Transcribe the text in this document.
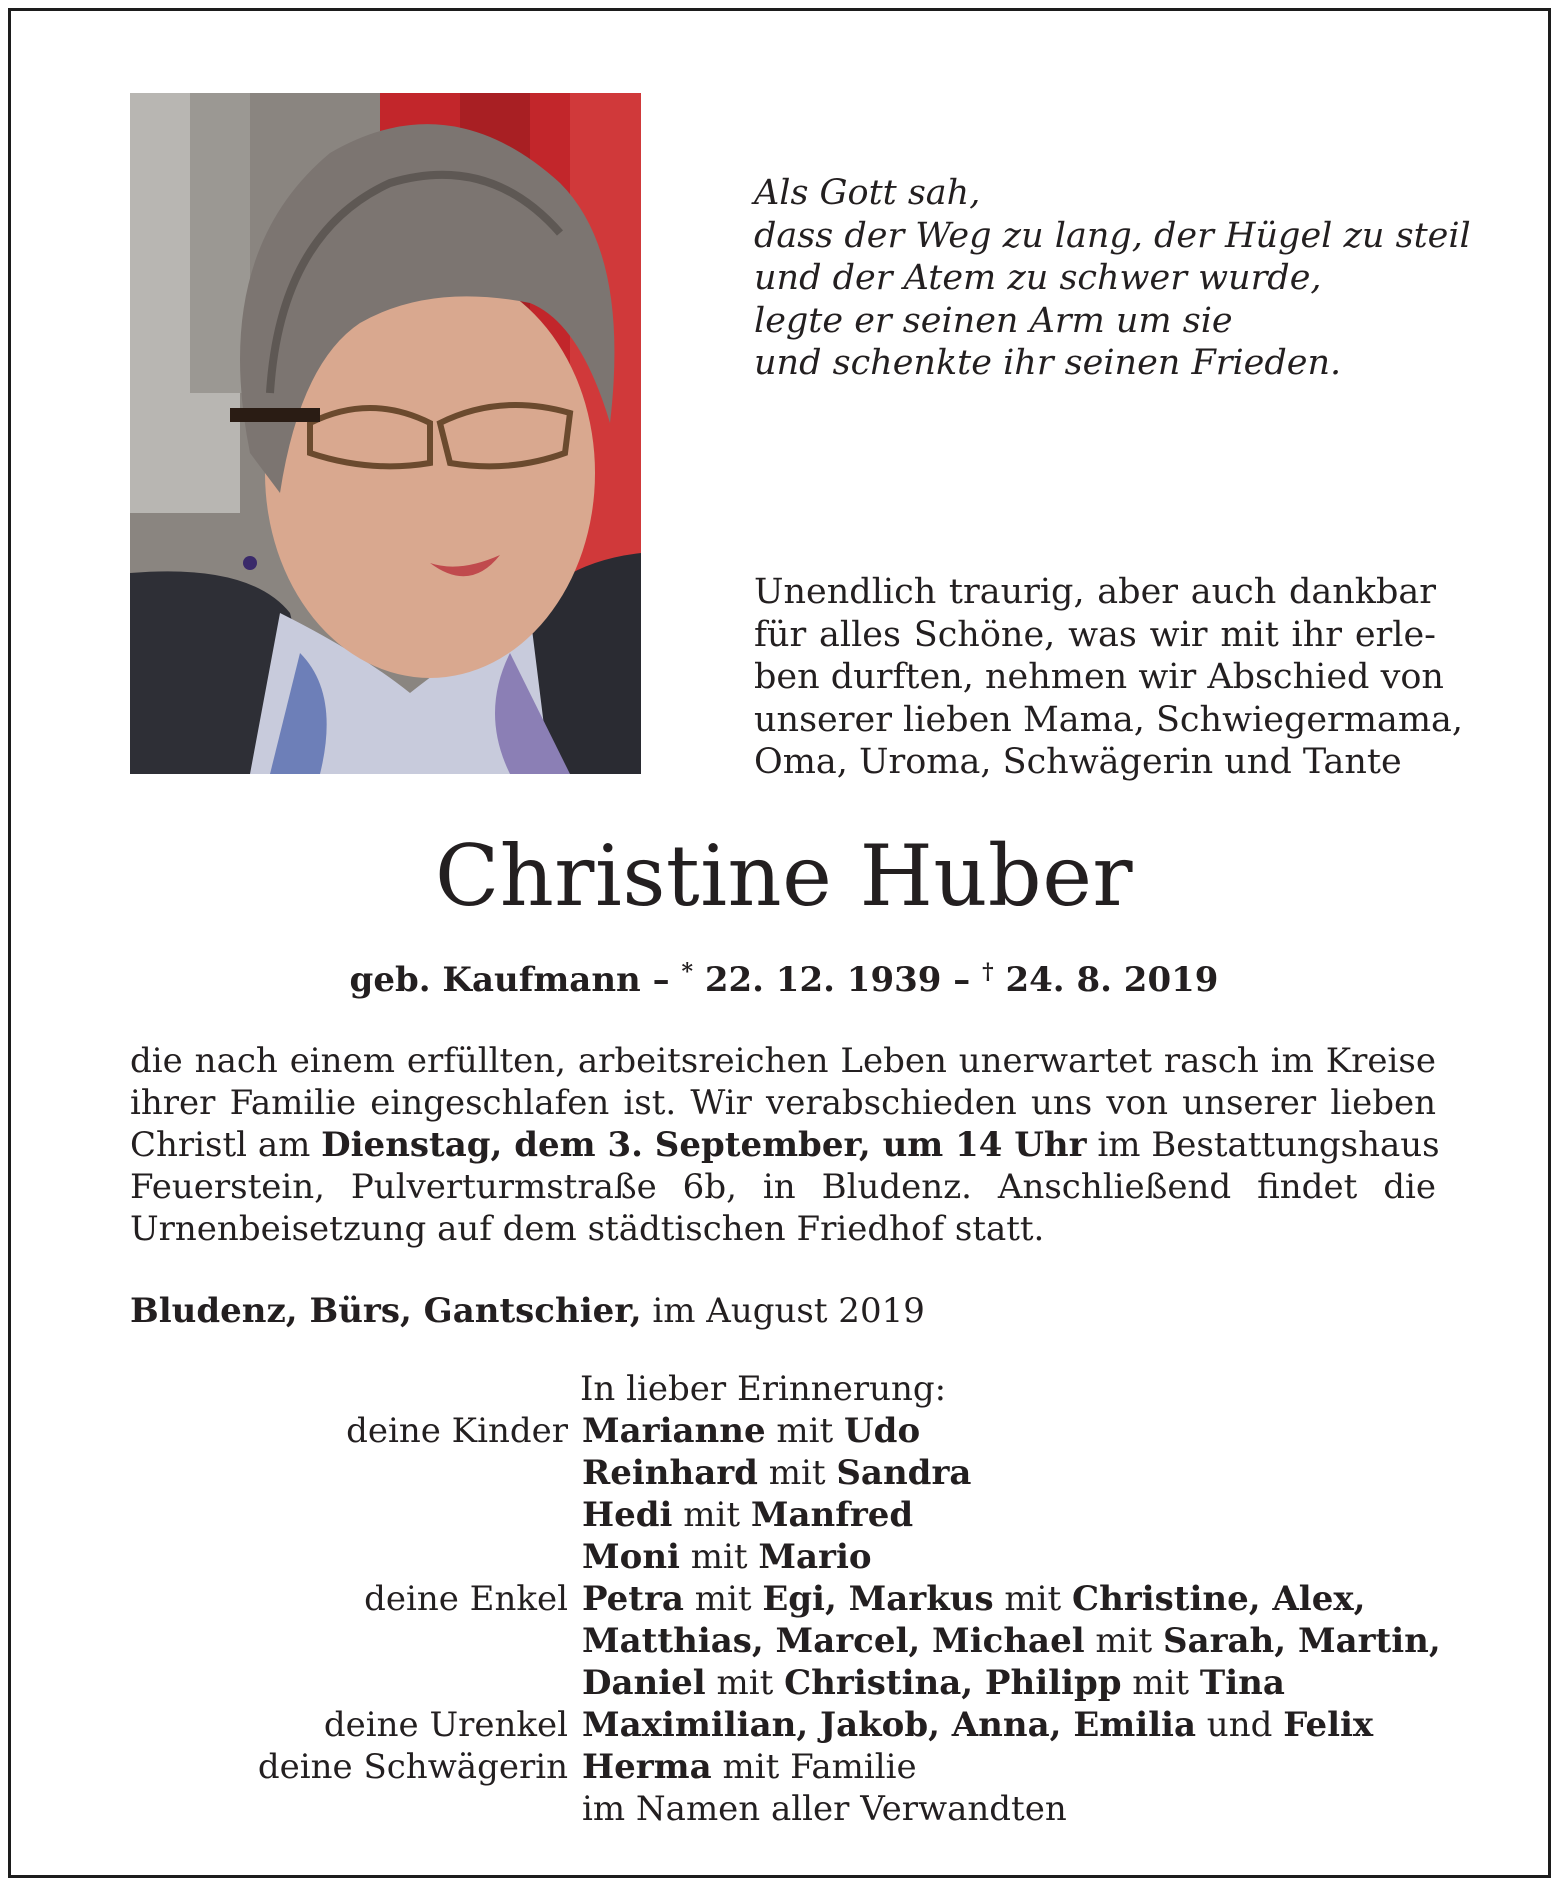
Als Gott sah,
dass der Weg zu lang, der Hügel zu steil
und der Atem zu schwer wurde,
legte er seinen Arm um sie
und schenkte ihr seinen Frieden.
Unendlich traurig, aber auch dankbar
für alles Schöne, was wir mit ihr erle-
ben durften, nehmen wir Abschied von
unserer lieben Mama, Schwiegermama,
Oma, Uroma, Schwägerin und Tante
Christine Huber
geb. Kaufmann – * 22. 12. 1939 – † 24. 8. 2019
die nach einem erfüllten, arbeitsreichen Leben unerwartet rasch im Kreise
ihrer Familie eingeschlafen ist. Wir verabschieden uns von unserer lieben
Christl am Dienstag, dem 3. September, um 14 Uhr im Bestattungshaus
Feuerstein, Pulverturmstraße 6b, in Bludenz. Anschließend findet die
Urnenbeisetzung auf dem städtischen Friedhof statt.
Bludenz, Bürs, Gantschier, im August 2019
In lieber Erinnerung:
deine Kinder Marianne mit Udo
Reinhard mit Sandra
Hedi mit Manfred
Moni mit Mario
deine Enkel Petra mit Egi, Markus mit Christine, Alex,
Matthias, Marcel, Michael mit Sarah, Martin,
Daniel mit Christina, Philipp mit Tina
deine Urenkel Maximilian, Jakob, Anna, Emilia und Felix
deine Schwägerin Herma mit Familie
im Namen aller Verwandten
